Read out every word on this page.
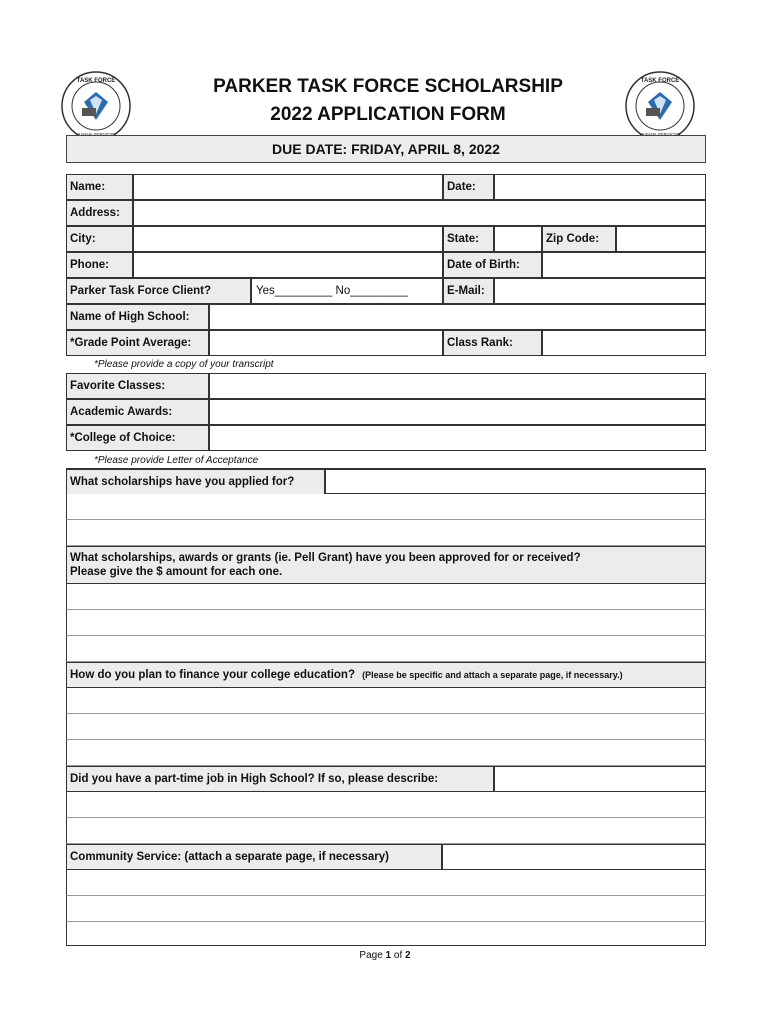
TASK FORCE	TASK FORCE
PARKER TASK FORCE SCHOLARSHIP
2022 APPLICATION FORM
DUE DATE: FRIDAY, APRIL 8, 2022
Name:	Date:
Address:
City:	State:	Zip Code:
Phone:	Date of Birth:
Parker Task Force Client?	Yes_________ No_________	E-Mail:
Name of High School:
*Grade Point Average:	Class Rank:
*Please provide a copy of your transcript
Favorite Classes:
Academic Awards:
*College of Choice:
*Please provide Letter of Acceptance
What scholarships have you applied for?
What scholarships, awards or grants (ie. Pell Grant) have you been approved for or received?
Please give the $ amount for each one.
How do you plan to finance your college education? (Please be specific and attach a separate page, if necessary.)
Did you have a part-time job in High School? If so, please describe:
Community Service: (attach a separate page, if necessary)
Page 1 of 2
